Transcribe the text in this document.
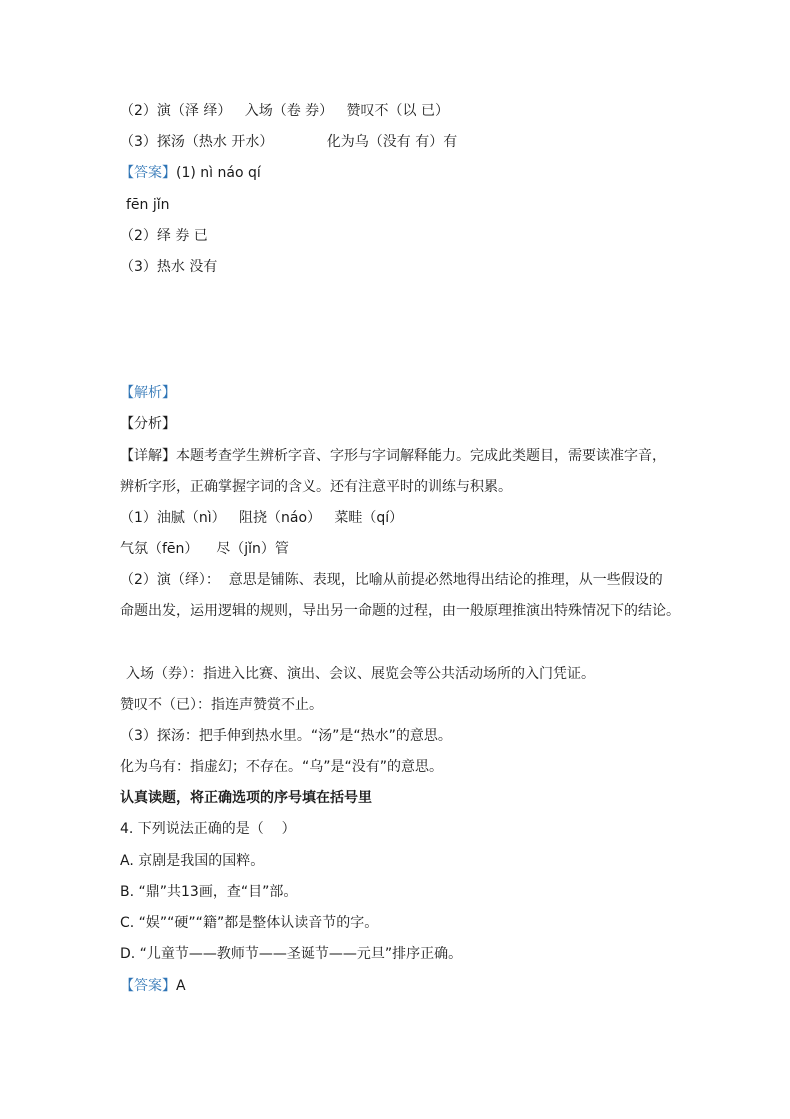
（2）演（泽 绎）   入场（卷 券）   赞叹不（以 已）
（3）探汤（热水 开水）            化为乌（没有 有）有
【答案】(1) nì náo qí
fēn jǐn
（2）绎 券 已
（3）热水 没有
【解析】
【分析】
【详解】本题考查学生辨析字音、字形与字词解释能力。完成此类题目，需要读准字音，
辨析字形，正确掌握字词的含义。还有注意平时的训练与积累。
（1）油腻（nì）   阻挠（náo）   菜畦（qí）
气氛（fēn）    尽（jǐn）管
（2）演（绎）：  意思是铺陈、表现，比喻从前提必然地得出结论的推理，从一些假设的
命题出发，运用逻辑的规则，导出另一命题的过程，由一般原理推演出特殊情况下的结论。
入场（券）：指进入比赛、演出、会议、展览会等公共活动场所的入门凭证。
赞叹不（已）：指连声赞赏不止。
（3）探汤：把手伸到热水里。“汤”是“热水”的意思。
化为乌有：指虚幻；不存在。“乌”是“没有”的意思。
认真读题，将正确选项的序号填在括号里
4. 下列说法正确的是（    ）
A. 京剧是我国的国粹。
B. “鼎”共13画，查“目”部。
C. “娱”“硬”“籍”都是整体认读音节的字。
D. “儿童节——教师节——圣诞节——元旦”排序正确。
【答案】A
